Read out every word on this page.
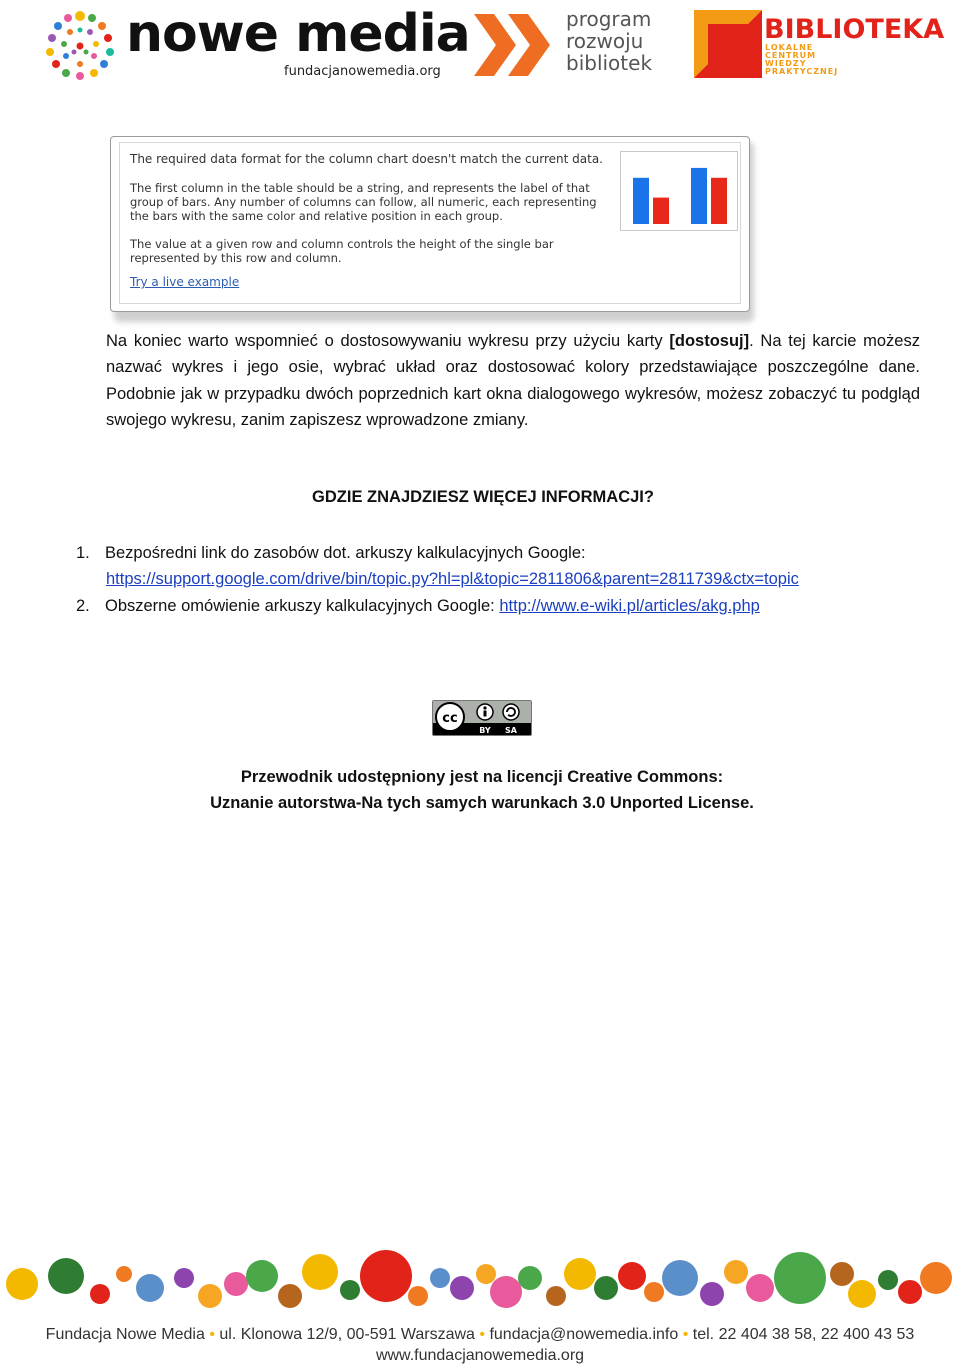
nowe media
fundacjanowemedia.org
program
rozwoju
bibliotek
BIBLIOTEKA
LOKALNE
CENTRUM
WIEDZY
PRAKTYCZNEJ
The required data format for the column chart doesn't match the current data.
The first column in the table should be a string, and represents the label of that group of bars. Any number of columns can follow, all numeric, each representing the bars with the same color and relative position in each group.
The value at a given row and column controls the height of the single bar represented by this row and column.
Try a live example
Na koniec warto wspomnieć o dostosowywaniu wykresu przy użyciu karty [dostosuj]. Na tej karcie możesz nazwać wykres i jego osie, wybrać układ oraz dostosować kolory przedstawiające poszczególne dane. Podobnie jak w przypadku dwóch poprzednich kart okna dialogowego wykresów, możesz zobaczyć tu podgląd swojego wykresu, zanim zapiszesz wprowadzone zmiany.
GDZIE ZNAJDZIESZ WIĘCEJ INFORMACJI?
1. Bezpośredni link do zasobów dot. arkuszy kalkulacyjnych Google:
https://support.google.com/drive/bin/topic.py?hl=pl&topic=2811806&parent=2811739&ctx=topic
2. Obszerne omówienie arkuszy kalkulacyjnych Google: http://www.e-wiki.pl/articles/akg.php
cc
BY SA
Przewodnik udostępniony jest na licencji Creative Commons:
Uznanie autorstwa-Na tych samych warunkach 3.0 Unported License.
Fundacja Nowe Media • ul. Klonowa 12/9, 00-591 Warszawa • fundacja@nowemedia.info • tel. 22 404 38 58, 22 400 43 53
www.fundacjanowemedia.org
